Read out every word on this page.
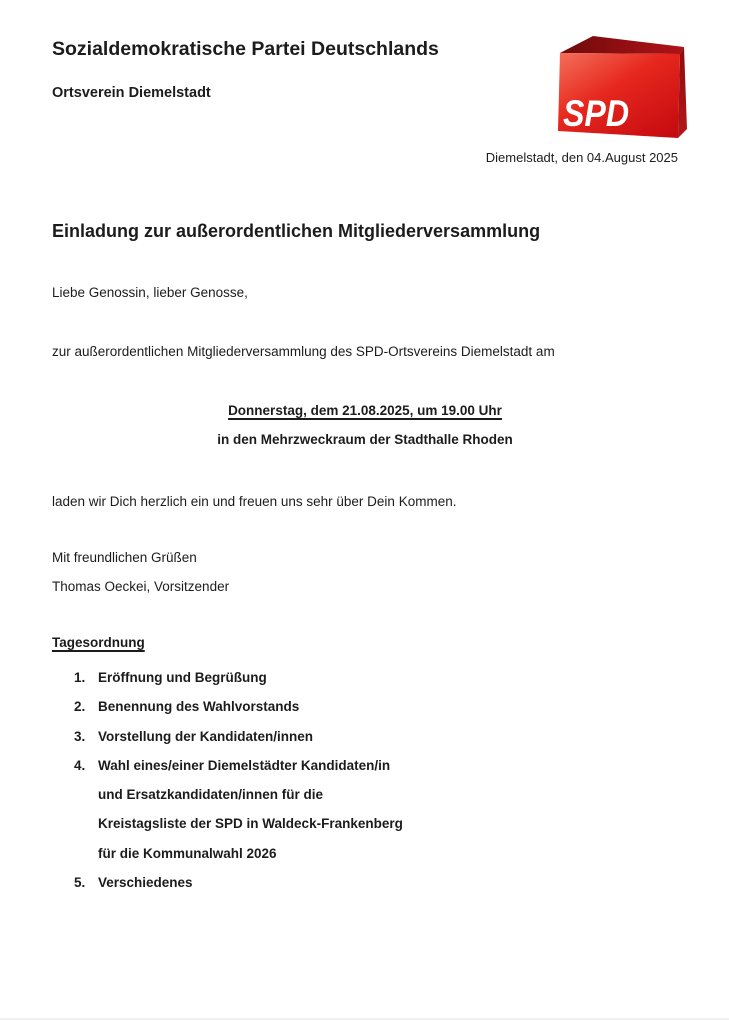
Sozialdemokratische Partei Deutschlands
Ortsverein Diemelstadt	SPD
Diemelstadt, den 04.August 2025
Einladung zur außerordentlichen Mitgliederversammlung
Liebe Genossin, lieber Genosse,
zur außerordentlichen Mitgliederversammlung des SPD-Ortsvereins Diemelstadt am
Donnerstag, dem 21.08.2025, um 19.00 Uhr
in den Mehrzweckraum der Stadthalle Rhoden
laden wir Dich herzlich ein und freuen uns sehr über Dein Kommen.
Mit freundlichen Grüßen
Thomas Oeckei, Vorsitzender
Tagesordnung
1. Eröffnung und Begrüßung
2. Benennung des Wahlvorstands
3. Vorstellung der Kandidaten/innen
4. Wahl eines/einer Diemelstädter Kandidaten/in
und Ersatzkandidaten/innen für die
Kreistagsliste der SPD in Waldeck-Frankenberg
für die Kommunalwahl 2026
5. Verschiedenes
